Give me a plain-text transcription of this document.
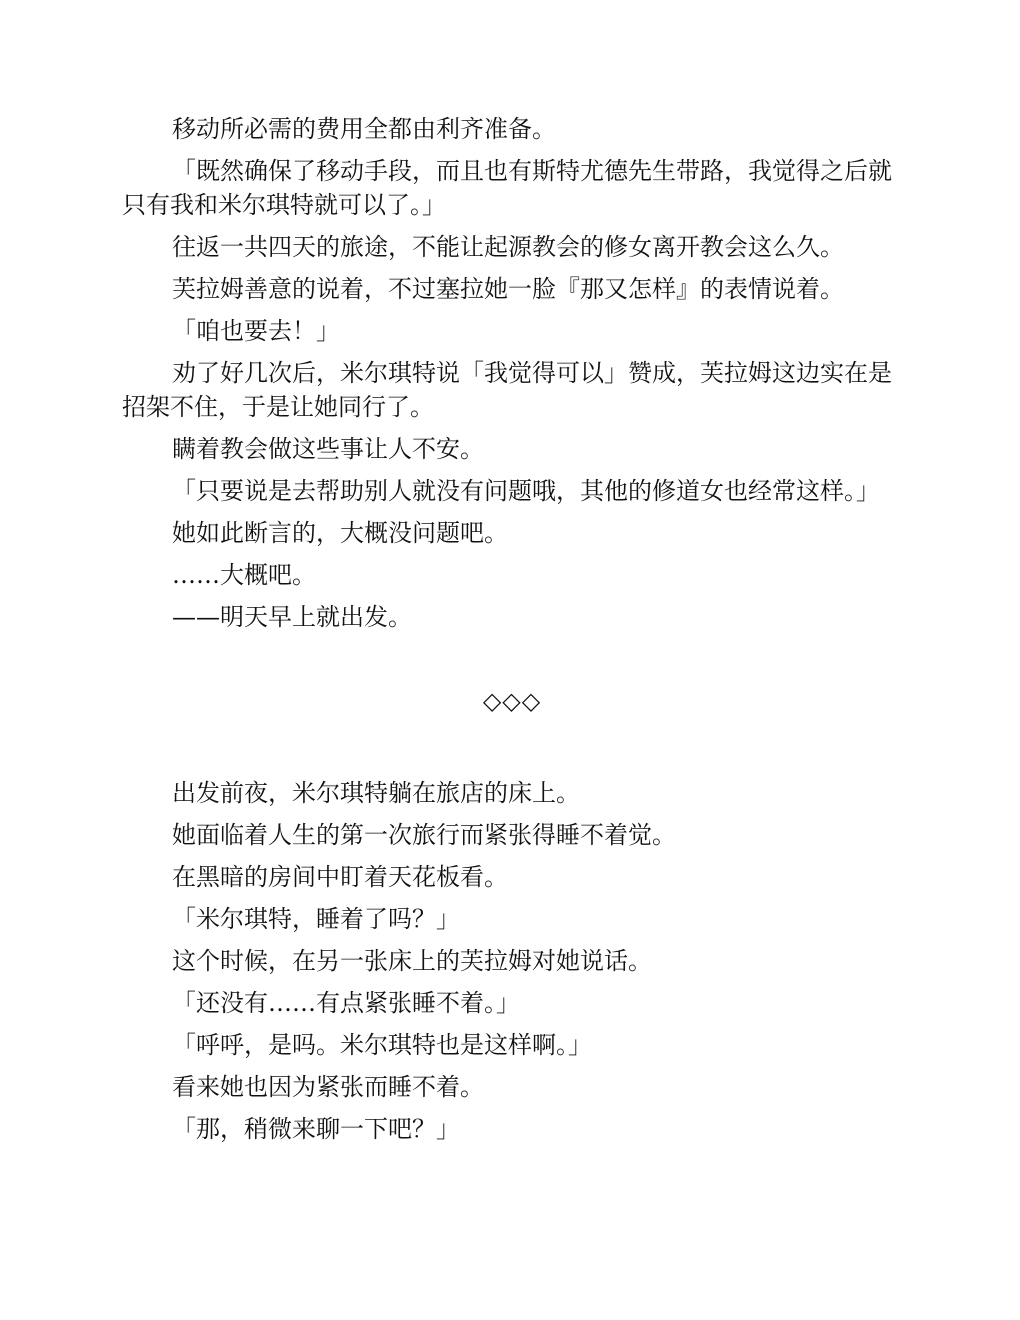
移动所必需的费用全都由利齐准备。

「既然确保了移动手段，而且也有斯特尤德先生带路，我觉得之后就只有我和米尔琪特就可以了。」

往返一共四天的旅途，不能让起源教会的修女离开教会这么久。

芙拉姆善意的说着，不过塞拉她一脸『那又怎样』的表情说着。

「咱也要去！」

劝了好几次后，米尔琪特说「我觉得可以」赞成，芙拉姆这边实在是招架不住，于是让她同行了。

瞒着教会做这些事让人不安。

「只要说是去帮助别人就没有问题哦，其他的修道女也经常这样。」

她如此断言的，大概没问题吧。

……大概吧。

——明天早上就出发。

◇◇◇

出发前夜，米尔琪特躺在旅店的床上。

她面临着人生的第一次旅行而紧张得睡不着觉。

在黑暗的房间中盯着天花板看。

「米尔琪特，睡着了吗？」

这个时候，在另一张床上的芙拉姆对她说话。

「还没有……有点紧张睡不着。」

「呼呼，是吗。米尔琪特也是这样啊。」

看来她也因为紧张而睡不着。

「那，稍微来聊一下吧？」
